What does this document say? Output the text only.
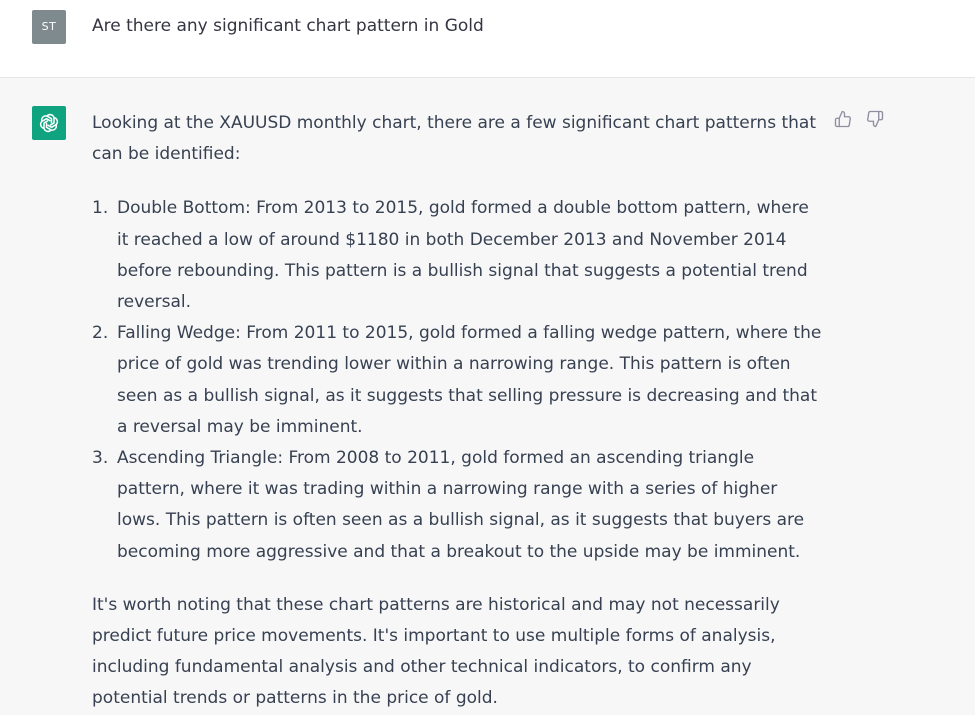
ST	Are there any significant chart pattern in Gold

Looking at the XAUUSD monthly chart, there are a few significant chart patterns that can be identified:

1. Double Bottom: From 2013 to 2015, gold formed a double bottom pattern, where it reached a low of around $1180 in both December 2013 and November 2014 before rebounding. This pattern is a bullish signal that suggests a potential trend reversal.
2. Falling Wedge: From 2011 to 2015, gold formed a falling wedge pattern, where the price of gold was trending lower within a narrowing range. This pattern is often seen as a bullish signal, as it suggests that selling pressure is decreasing and that a reversal may be imminent.
3. Ascending Triangle: From 2008 to 2011, gold formed an ascending triangle pattern, where it was trading within a narrowing range with a series of higher lows. This pattern is often seen as a bullish signal, as it suggests that buyers are becoming more aggressive and that a breakout to the upside may be imminent.

It's worth noting that these chart patterns are historical and may not necessarily predict future price movements. It's important to use multiple forms of analysis, including fundamental analysis and other technical indicators, to confirm any potential trends or patterns in the price of gold.
